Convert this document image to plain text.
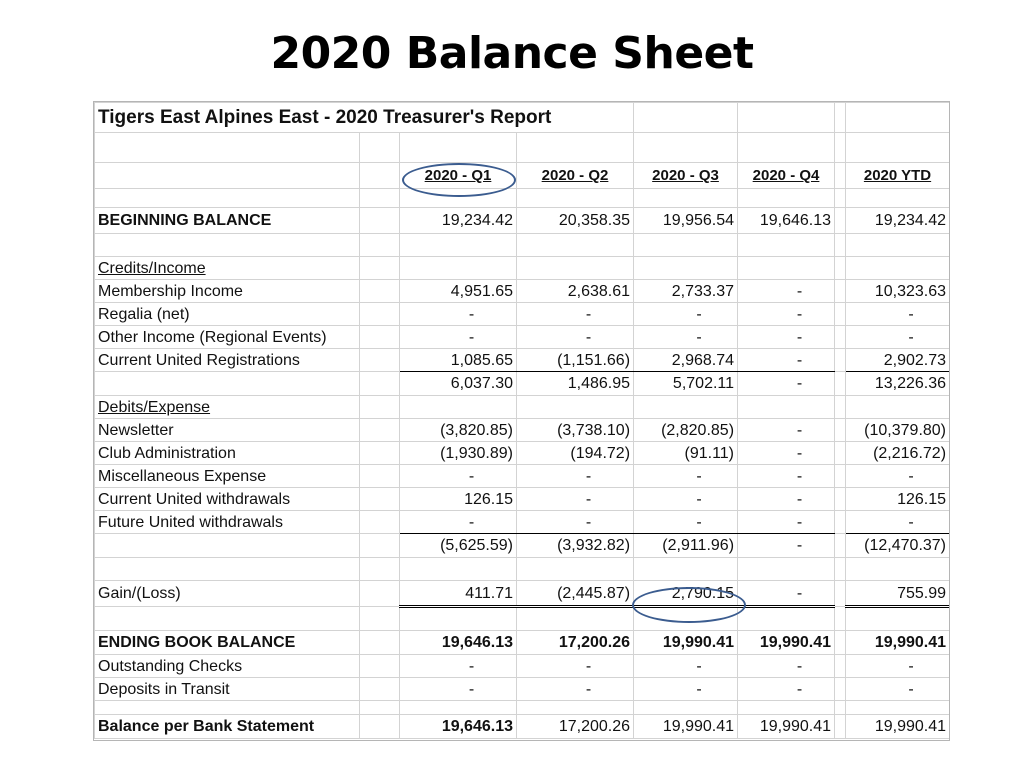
2020 Balance Sheet
Tigers East Alpines East - 2020 Treasurer's Report							

		2020 - Q1	2020 - Q2	2020 - Q3	2020 - Q4		2020 YTD

BEGINNING BALANCE		19,234.42	20,358.35	19,956.54	19,646.13		19,234.42

Credits/Income							
Membership Income		4,951.65	2,638.61	2,733.37	-		10,323.63
Regalia (net)		-	-	-	-		-
Other Income (Regional Events)		-	-	-	-		-
Current United Registrations		1,085.65	(1,151.66)	2,968.74	-		2,902.73
		6,037.30	1,486.95	5,702.11	-		13,226.36
Debits/Expense							
Newsletter		(3,820.85)	(3,738.10)	(2,820.85)	-		(10,379.80)
Club Administration		(1,930.89)	(194.72)	(91.11)	-		(2,216.72)
Miscellaneous Expense		-	-	-	-		-
Current United withdrawals		126.15	-	-	-		126.15
Future United withdrawals		-	-	-	-		-
		(5,625.59)	(3,932.82)	(2,911.96)	-		(12,470.37)

Gain/(Loss)		411.71	(2,445.87)	2,790.15	-		755.99

ENDING BOOK BALANCE		19,646.13	17,200.26	19,990.41	19,990.41		19,990.41
Outstanding Checks		-	-	-	-		-
Deposits in Transit		-	-	-	-		-

Balance per Bank Statement		19,646.13	17,200.26	19,990.41	19,990.41		19,990.41
